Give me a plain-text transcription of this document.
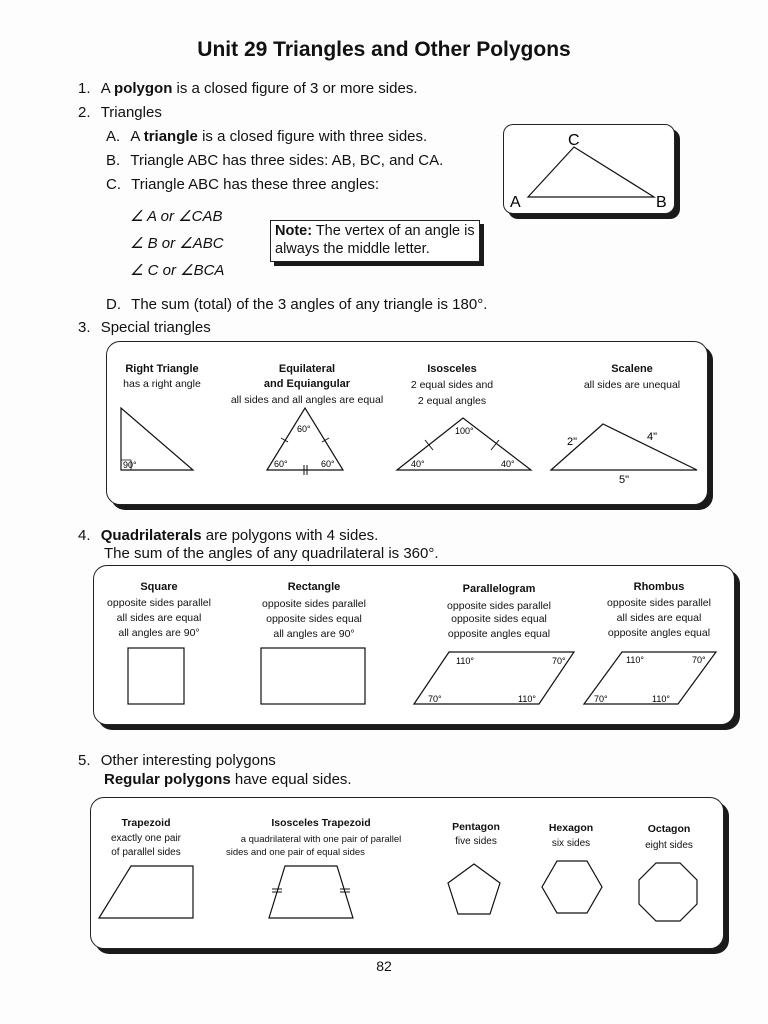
Unit 29 Triangles and Other Polygons
1. A polygon is a closed figure of 3 or more sides.
2. Triangles
A. A triangle is a closed figure with three sides.
B. Triangle ABC has three sides: AB, BC, and CA.
C. Triangle ABC has these three angles:
∠ A or ∠CAB
∠ B or ∠ABC
∠ C or ∠BCA
Note: The vertex of an angle is always the middle letter.
A
C
B
D. The sum (total) of the 3 angles of any triangle is 180°.
3. Special triangles
Right Triangle
has a right angle
Equilateral
and Equiangular
all sides and all angles are equal
Isosceles
2 equal sides and
2 equal angles
Scalene
all sides are unequal
90°
60°
60°	60°
100°
40°	40°
2"	4"
5"
4. Quadrilaterals are polygons with 4 sides.
The sum of the angles of any quadrilateral is 360°.
Square
opposite sides parallel
all sides are equal
all angles are 90°
Rectangle
opposite sides parallel
opposite sides equal
all angles are 90°
Parallelogram
opposite sides parallel
opposite sides equal
opposite angles equal
Rhombus
opposite sides parallel
all sides are equal
opposite angles equal
110°	70°
70°	110°
110°	70°
70°	110°
5. Other interesting polygons
Regular polygons have equal sides.
Trapezoid
exactly one pair
of parallel sides
Isosceles Trapezoid
a quadrilateral with one pair of parallel
sides and one pair of equal sides
Pentagon
five sides
Hexagon
six sides
Octagon
eight sides
82
